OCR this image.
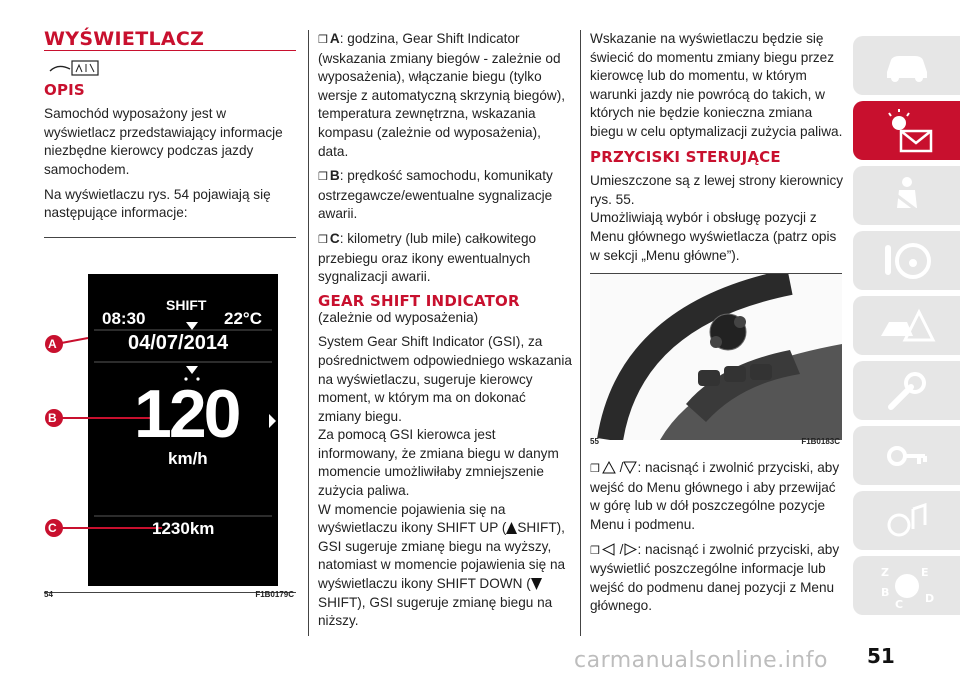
WYŚWIETLACZ
OPIS

Samochód wyposażony jest w wyświetlacz przedstawiający informacje niezbędne kierowcy podczas jazdy samochodem.

Na wyświetlaczu rys. 54 pojawiają się następujące informacje:

SHIFT
08:30	22°C
04/07/2014
120
km/h
1230km
A
B
C
54	F1B0179C
❒ A: godzina, Gear Shift Indicator (wskazania zmiany biegów - zależnie od wyposażenia), włączanie biegu (tylko wersje z automatyczną skrzynią biegów), temperatura zewnętrzna, wskazania kompasu (zależnie od wyposażenia), data.
❒ B: prędkość samochodu, komunikaty ostrzegawcze/ewentualne sygnalizacje awarii.
❒ C: kilometry (lub mile) całkowitego przebiegu oraz ikony ewentualnych sygnalizacji awarii.
GEAR SHIFT INDICATOR

(zależnie od wyposażenia)

System Gear Shift Indicator (GSI), za pośrednictwem odpowiedniego wskazania na wyświetlaczu, sugeruje kierowcy moment, w którym ma on dokonać zmiany biegu.

Za pomocą GSI kierowca jest informowany, że zmiana biegu w danym momencie umożliwiłaby zmniejszenie zużycia paliwa.

W momencie pojawienia się na wyświetlaczu ikony SHIFT UP ( SHIFT), GSI sugeruje zmianę biegu na wyższy, natomiast w momencie pojawienia się na wyświetlaczu ikony SHIFT DOWN (SHIFT), GSI sugeruje zmianę biegu na niższy.

Wskazanie na wyświetlaczu będzie się świecić do momentu zmiany biegu przez kierowcę lub do momentu, w którym warunki jazdy nie powrócą do takich, w których nie będzie konieczna zmiana biegu w celu optymalizacji zużycia paliwa.

PRZYCISKI STERUJĄCE

Umieszczone są z lewej strony kierownicy rys. 55.

Umożliwiają wybór i obsługę pozycji z Menu głównego wyświetlacza (patrz opis w sekcji „Menu główne”).

55	F1B0183C
❒ / : nacisnąć i zwolnić przyciski, aby wejść do Menu głównego i aby przewijać w górę lub w dół poszczególne pozycje Menu i podmenu.
❒ / : nacisnąć i zwolnić przyciski, aby wyświetlić poszczególne informacje lub wejść do podmenu danej pozycji z Menu głównego.
Z	E
B	D
C
51
carmanualsonline.info
